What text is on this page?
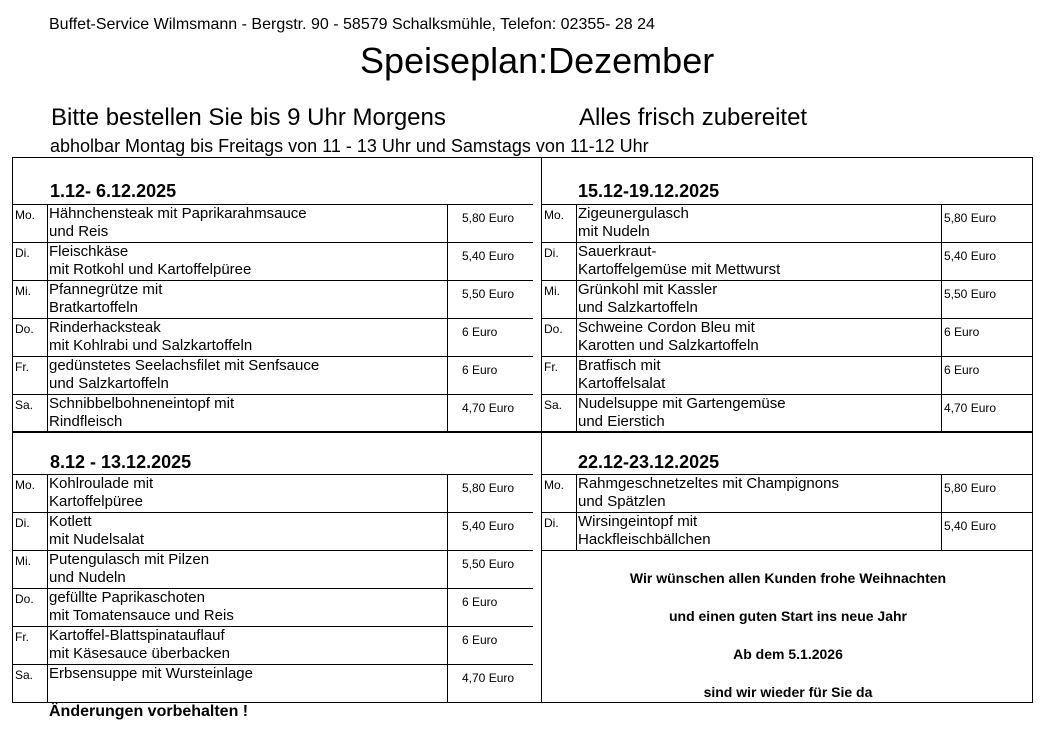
Buffet-Service Wilmsmann - Bergstr. 90 - 58579 Schalksmühle, Telefon: 02355- 28 24
Speiseplan:Dezember
Bitte bestellen Sie bis 9 Uhr Morgens	Alles frisch zubereitet
abholbar Montag bis Freitags von 11 - 13 Uhr und Samstags von 11-12 Uhr
1.12- 6.12.2025	15.12-19.12.2025
8.12 - 13.12.2025	22.12-23.12.2025
Mo. Hähnchensteak mit Paprikarahmsauce
und Reis
5,80 Euro
Di.	Fleischkäse
mit Rotkohl und Kartoffelpüree
5,40 Euro
Mi.	Pfannegrütze mit
Bratkartoffeln
5,50 Euro
Do.	Rinderhacksteak
mit Kohlrabi und Salzkartoffeln
6 Euro
Fr.	gedünstetes Seelachsfilet mit Senfsauce
und Salzkartoffeln
6 Euro
Sa.	Schnibbelbohneneintopf mit
Rindfleisch
4,70 Euro
Mo. Zigeunergulasch
mit Nudeln
5,80 Euro
Di.	Sauerkraut-
Kartoffelgemüse mit Mettwurst
5,40 Euro
Mi.	Grünkohl mit Kassler
und Salzkartoffeln
5,50 Euro
Do.	Schweine Cordon Bleu mit
Karotten und Salzkartoffeln
6 Euro
Fr.	Bratfisch mit
Kartoffelsalat
6 Euro
Sa.	Nudelsuppe mit Gartengemüse
und Eierstich
4,70 Euro
Mo. Kohlroulade mit
Kartoffelpüree
5,80 Euro
Di.	Kotlett
mit Nudelsalat
5,40 Euro
Mi.	Putengulasch mit Pilzen
und Nudeln
5,50 Euro
Do.	gefüllte Paprikaschoten
mit Tomatensauce und Reis
6 Euro
Fr.	Kartoffel-Blattspinatauflauf
mit Käsesauce überbacken
6 Euro
Sa.	Erbsensuppe mit Wursteinlage	4,70 Euro
Mo. Rahmgeschnetzeltes mit Champignons
und Spätzlen
5,80 Euro
Di.	Wirsingeintopf mit
Hackfleischbällchen
5,40 Euro
Wir wünschen allen Kunden frohe Weihnachten
und einen guten Start ins neue Jahr
Ab dem 5.1.2026
sind wir wieder für Sie da
Änderungen vorbehalten !
